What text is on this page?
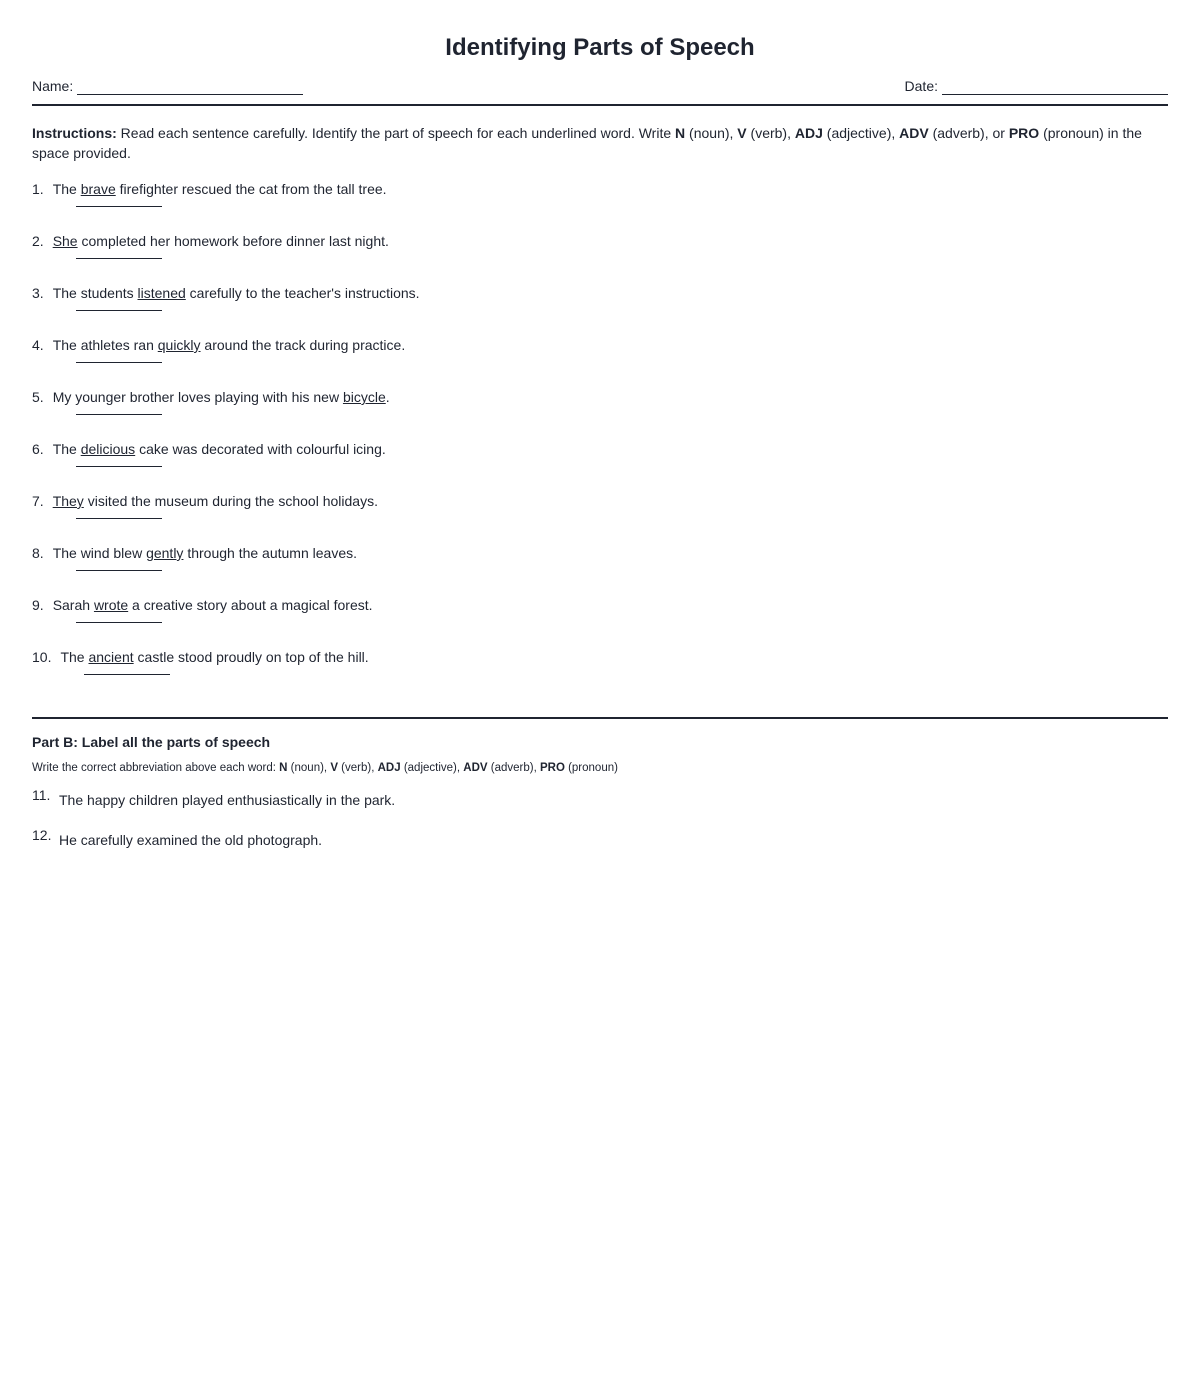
Identifying Parts of Speech
Name:	Date:
Instructions: Read each sentence carefully. Identify the part of speech for each underlined word. Write N (noun), V (verb), ADJ (adjective), ADV (adverb), or PRO (pronoun) in the space provided.
1. The brave firefighter rescued the cat from the tall tree.
2. She completed her homework before dinner last night.
3. The students listened carefully to the teacher's instructions.
4. The athletes ran quickly around the track during practice.
5. My younger brother loves playing with his new bicycle.
6. The delicious cake was decorated with colourful icing.
7. They visited the museum during the school holidays.
8. The wind blew gently through the autumn leaves.
9. Sarah wrote a creative story about a magical forest.
10. The ancient castle stood proudly on top of the hill.
Part B: Label all the parts of speech
Write the correct abbreviation above each word: N (noun), V (verb), ADJ (adjective), ADV (adverb), PRO (pronoun)
11. The happy children played enthusiastically in the park.
12. He carefully examined the old photograph.
